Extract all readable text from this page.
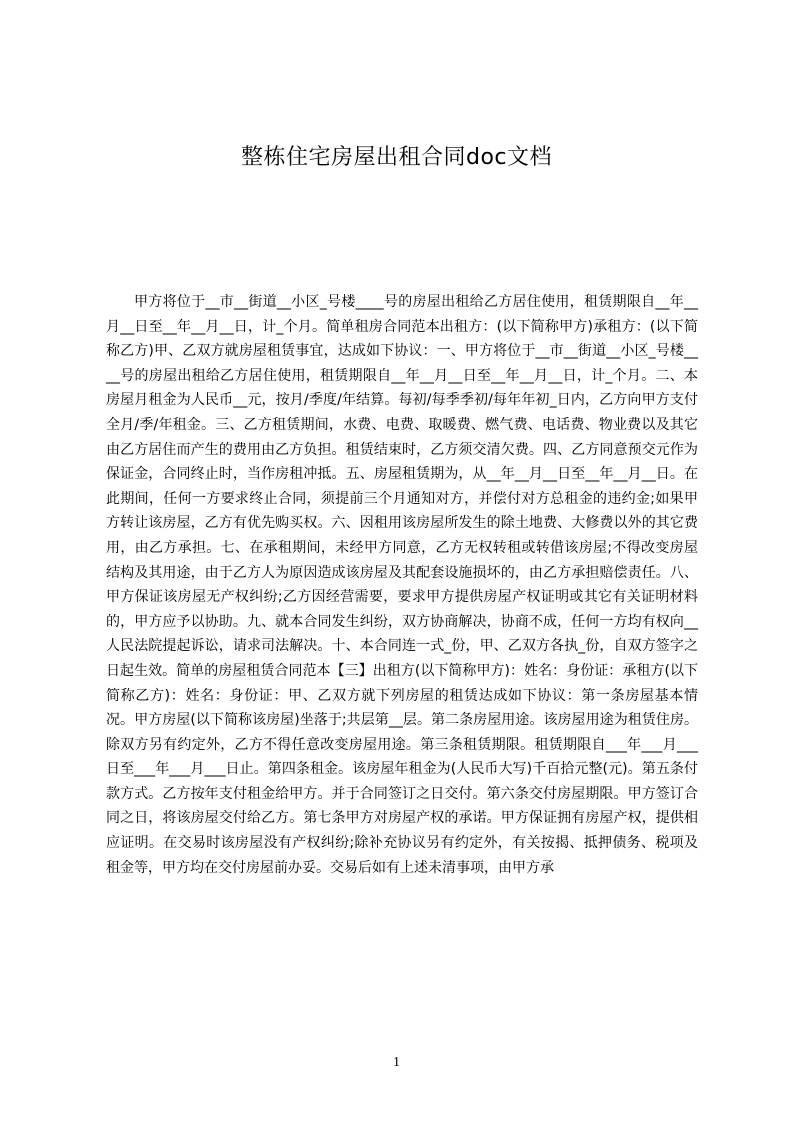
整栋住宅房屋出租合同doc文档

甲方将位于__市__街道__小区_号楼____号的房屋出租给乙方居住使用，租赁期限自__年__月__日至__年__月__日，计_个月。简单租房合同范本出租方：(以下简称甲方)承租方：(以下简称乙方)甲、乙双方就房屋租赁事宜，达成如下协议：一、甲方将位于__市__街道__小区_号楼____号的房屋出租给乙方居住使用，租赁期限自__年__月__日至__年__月__日，计_个月。二、本房屋月租金为人民币__元，按月/季度/年结算。每初/每季季初/每年年初_日内，乙方向甲方支付全月/季/年租金。三、乙方租赁期间，水费、电费、取暖费、燃气费、电话费、物业费以及其它由乙方居住而产生的费用由乙方负担。租赁结束时，乙方须交清欠费。四、乙方同意预交元作为保证金，合同终止时，当作房租冲抵。五、房屋租赁期为，从__年__月__日至__年__月__日。在此期间，任何一方要求终止合同，须提前三个月通知对方，并偿付对方总租金的违约金;如果甲方转让该房屋，乙方有优先购买权。六、因租用该房屋所发生的除土地费、大修费以外的其它费用，由乙方承担。七、在承租期间，未经甲方同意，乙方无权转租或转借该房屋;不得改变房屋结构及其用途，由于乙方人为原因造成该房屋及其配套设施损坏的，由乙方承担赔偿责任。八、甲方保证该房屋无产权纠纷;乙方因经营需要，要求甲方提供房屋产权证明或其它有关证明材料的，甲方应予以协助。九、就本合同发生纠纷，双方协商解决，协商不成，任何一方均有权向__人民法院提起诉讼，请求司法解决。十、本合同连一式_份，甲、乙双方各执_份，自双方签字之日起生效。简单的房屋租赁合同范本【三】出租方(以下简称甲方)：姓名：身份证：承租方(以下简称乙方)：姓名：身份证：甲、乙双方就下列房屋的租赁达成如下协议：第一条房屋基本情况。甲方房屋(以下简称该房屋)坐落于;共层第__层。第二条房屋用途。该房屋用途为租赁住房。除双方另有约定外，乙方不得任意改变房屋用途。第三条租赁期限。租赁期限自___年___月___日至___年___月___日止。第四条租金。该房屋年租金为(人民币大写)千百拾元整(元)。第五条付款方式。乙方按年支付租金给甲方。并于合同签订之日交付。第六条交付房屋期限。甲方签订合同之日，将该房屋交付给乙方。第七条甲方对房屋产权的承诺。甲方保证拥有房屋产权，提供相应证明。在交易时该房屋没有产权纠纷;除补充协议另有约定外，有关按揭、抵押债务、税项及租金等，甲方均在交付房屋前办妥。交易后如有上述未清事项，由甲方承

1
